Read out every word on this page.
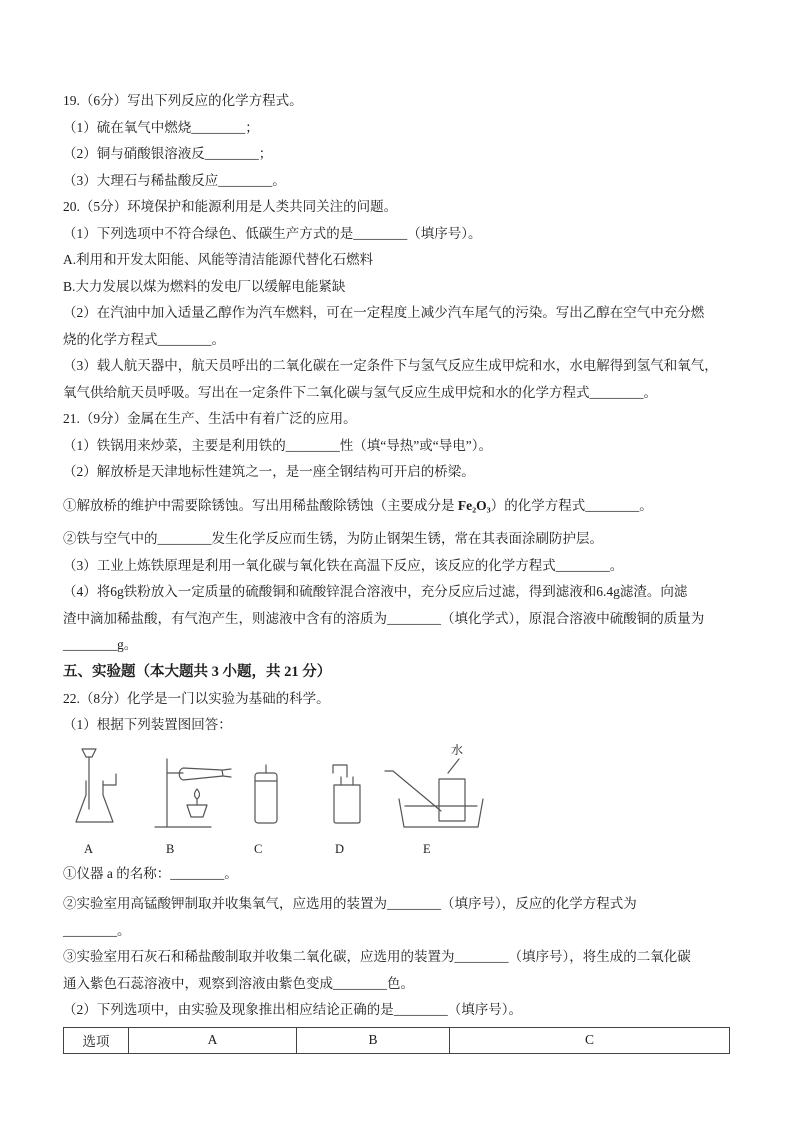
19.（6分）写出下列反应的化学方程式。
（1）硫在氧气中燃烧________；
（2）铜与硝酸银溶液反________；
（3）大理石与稀盐酸反应________。
20.（5分）环境保护和能源利用是人类共同关注的问题。
（1）下列选项中不符合绿色、低碳生产方式的是________（填序号）。
A.利用和开发太阳能、风能等清洁能源代替化石燃料
B.大力发展以煤为燃料的发电厂以缓解电能紧缺
（2）在汽油中加入适量乙醇作为汽车燃料，可在一定程度上减少汽车尾气的污染。写出乙醇在空气中充分燃
烧的化学方程式________。
（3）载人航天器中，航天员呼出的二氧化碳在一定条件下与氢气反应生成甲烷和水，水电解得到氢气和氧气，
氧气供给航天员呼吸。写出在一定条件下二氧化碳与氢气反应生成甲烷和水的化学方程式________。
21.（9分）金属在生产、生活中有着广泛的应用。
（1）铁锅用来炒菜，主要是利用铁的________性（填“导热”或“导电”）。
（2）解放桥是天津地标性建筑之一，是一座全钢结构可开启的桥梁。
①解放桥的维护中需要除锈蚀。写出用稀盐酸除锈蚀（主要成分是 Fe₂O₃）的化学方程式________。
②铁与空气中的________发生化学反应而生锈，为防止钢架生锈，常在其表面涂刷防护层。
（3）工业上炼铁原理是利用一氧化碳与氧化铁在高温下反应，该反应的化学方程式________。
（4）将6g铁粉放入一定质量的硫酸铜和硫酸锌混合溶液中，充分反应后过滤，得到滤液和6.4g滤渣。向滤
渣中滴加稀盐酸，有气泡产生，则滤液中含有的溶质为________（填化学式），原混合溶液中硫酸铜的质量为
________g。
五、实验题（本大题共 3 小题，共 21 分）
22.（8分）化学是一门以实验为基础的科学。
（1）根据下列装置图回答：
A	B	C	D	E
水
①仪器 a 的名称：________。
②实验室用高锰酸钾制取并收集氧气，应选用的装置为________（填序号），反应的化学方程式为
________。
③实验室用石灰石和稀盐酸制取并收集二氧化碳，应选用的装置为________（填序号），将生成的二氧化碳
通入紫色石蕊溶液中，观察到溶液由紫色变成________色。
（2）下列选项中，由实验及现象推出相应结论正确的是________（填序号）。
选项	A	B	C
